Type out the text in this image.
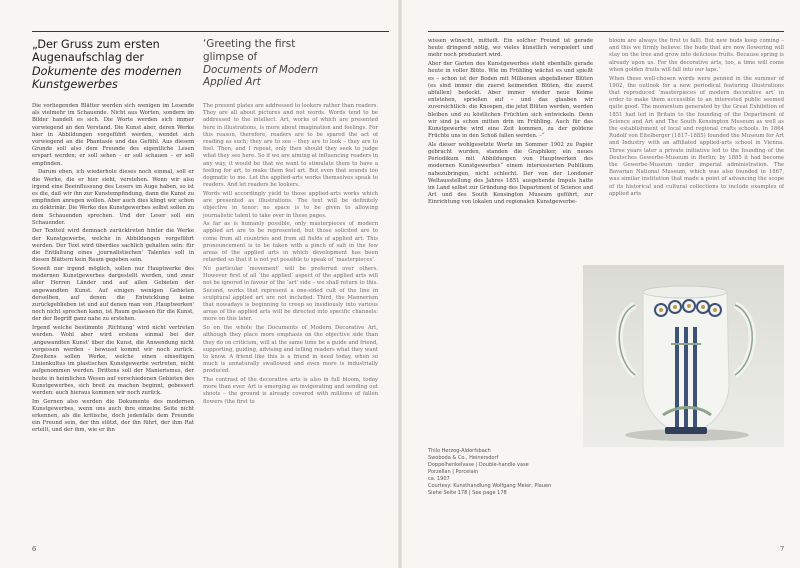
„Der Gruss zum ersten
Augenaufschlag der
Dokumente des modernen
Kunstgewerbes
‘Greeting the first
glimpse of
Documents of Modern
Applied Art

Die vorliegenden Blätter werden sich wenigen im Lesende als vielmehr im Schauende. Nicht aus Worten, sondern im Bilder handelt es sich. Die Worte werden sich immer vorwiegend an den Verstand. Die Kunst aber, deren Werke hier in Abbildungen vorgeführt werden, wendet sich vorwiegend an die Phantasie und das Gefühl. Aus diesem Grunde soll also dem Freunde des eigentliche Lesen erspart werden; er soll sehen – er soll schauen – er soll empfinden.

Darum eben, ich wiederhole dieses noch einmal, soll er die Werke, die er hier sieht, verstehen. Wenn wir also irgend eine Beeinflussung des Lesers im Auge haben, so ist es die, daß wir ihn zur Kunstempfindung, dann die Kunst zu empfinden anregen wollen. Aber auch dies klingt wir schon zu doktrinär. Die Werke des Kunstgewerbes selbst sollen zu dem Schauenden sprechen. Und der Leser soll ein Schauender.

Der Textteil wird demnach zurücktreten hinter die Werke der Kunstgewerbe, welche in Abbildungen vorgeführt werden. Der Text wird überdies sachlich gehalten sein: für die Entfaltung eines ‚journalistischen' Talentes soll in diesen Blättern kein Raum gegeben sein.

Soweit nur irgend möglich, sollen nur Hauptwerke des modernen Kunstgewerbes dargestellt werden, und zwar aller Herren Länder und auf allen Gebieten der angewandten Kunst. Auf einigen wenigen Gebieten derselben, auf denen die Entwicklung keine zurückgeblieben ist und auf denen man von ‚Hauptwerken' noch nicht sprechen kann, ist Raum gelassen für die Kunst, der der Begriff ganz nahe zu erstehen.

Irgend welche bestimmte ‚Richtung' wird nicht vertreten werden. Wohl aber wird erstens einmal bei der ‚angewandten Kunst' über die Kunst, die Anwendung nicht vergessen werden – bewusst kommt wir noch zurück. Zweitens sollen Werke, welche einen einseitigen Linienkultus im plastischen Kunstgewerbe vertreten, nicht aufgenommen werden. Drittens soll der Manierismus, der heute in heimlichen Wesen auf verschiedenen Gebieten des Kunstgewerbes, sich breit zu machen beginnt, gebessert werden: auch hieraus kommen wir noch zurück.

Im Gernen also werden die Dokumente des modernen Kunstgewerbes, wenn uns auch ihre einzelne Seite nicht erkennen, als die kritische, doch jedenfalls dem Freunde ein Freund sein, der ihn stützt, der ihn führt, der ihm Rat erteilt, und der ihm, wie er ihn

The present plates are addressed to lookers rather than readers. They are all about pictures and not words. Words tend to be addressed to the intellect. Art, works of which are presented here in illustrations, is more about imagination and feelings. For this reason, therefore, readers are to be spared the act of reading as such; they are to see – they are to look – they are to feel. Then, and I repeat, only then should they seek to judge what they see here. So if we are aiming at influencing readers in any way, it would be that we want to stimulate them to have a feeling for art, to make them feel art. But even that sounds too dogmatic to me. Let the applied-arts works themselves speak to readers. And let readers be lookers.

Words will accordingly yield to those applied-arts works which are presented as illustrations. The text will be definitely objective in tenor: no space is to be given to allowing journalistic talent to take over in these pages.

As far as is humanly possible, only masterpieces of modern applied art are to be represented, but those solicited are to come from all countries and from all fields of applied art. This pronouncement is to be taken with a pinch of salt in the few areas of the applied arts in which development has been retarded so that it is not yet possible to speak of ‘masterpieces’.

No particular ‘movement’ will be preferred over others. However first of all ‘the applied’ aspect of the applied arts will not be ignored in favour of the ‘art’ side – we shall return to this. Second, works that represent a one-sided cult of the line in sculptural applied art are not included. Third, the Mannerism that nowadays is beginning to creep so insidiously into various areas of the applied arts will be directed into specific channels: more on this later.

So on the whole the Documents of Modern Decorative Art, although they place more emphasis on the objective side than they do on criticism, will at the same time be a guide and friend, supporting, guiding, advising and telling readers what they want to know. A friend like this is a friend in need today, when so much is unnaturally swallowed and even more is industrially produced.

The contrast of the decorative arts is also in full bloom, today more than ever. Art is emerging as invigorating and sending out shoots – the ground is already covered with millions of fallen flowers (the first to

6

wissen wünscht, mitteilt. Ein solcher Freund ist gerade heute dringend nötig, wo vieles künstlich verspielert und mehr noch produziert wird.

Aber der Garten des Kunstgewerbes steht ebenfalls gerade heute in voller Blüte. Wie im Frühling wächst es und spießt es – schon ist der Boden mit Millionen abgefallener Blüten (es sind immer die zuerst keimenden Blüten, die zuerst abfallen) bedeckt. Aber immer wieder neue Keime entstehen, sprießen auf – und das glauben wir zuversichtlich: die Knospen, die jetzt Blüten werden, werden bleiben und zu köstlichen Früchten sich entwickeln. Denn wir sind ja schon mitten drin im Frühling. Auch für das Kunstgewerbe wird eine Zeit kommen, zu der goldene Früchte uns in den Schoß fallen werden. –“

Als dieser wohlgesetzte Worte im Sommer 1902 zu Papier gebracht wurden, standen die Graphiker, ein neues Periodikum mit Abbildungen von Hauptwerken des modernen Kunstgewerbes“ einem interessierten Publikum nahezubringen, nicht schlecht. Der von der Londoner Weltausstellung des Jahres 1851 ausgehende Impuls hatte im Land selbst zur Gründung des Department of Science and Art und des South Kensington Museum geführt, zur Einrichtung von lokalen und regionalen Kunstgewerbe-

bloom are always the first to fall). But new buds keep coming – and this we firmly believe: the buds that are now flowering will stay on the tree and grow into delicious fruits. Because spring is already upon us. For the decorative arts, too, a time will come when golden fruits will fall into our laps.’

When these well-chosen words were penned in the summer of 1902, the outlook for a new periodical featuring illustrations that reproduced ‘masterpieces of modern decorative art’ in order to make them accessible to an interested public seemed quite good. The momentum generated by the Great Exhibition of 1851 had led in Britain to the founding of the Department of Science and Art and The South Kensington Museum as well as the establishment of local and regional crafts schools. In 1864 Rudolf von Eitelberger (1817–1885) founded the Museum for Art and Industry with an affiliated applied-arts school in Vienna. Three years later a private initiative led to the founding of the Deutsches Gewerbe-Museum in Berlin; by 1885 it had become the Gewerbe-Museum under imperial administration. The Bavarian National Museum, which was also founded in 1867, was similar institution that made a point of advancing the scope of its historical and cultural collections to include examples of applied arts

Thilo Herzog-Aldorfsbach
Swoboda & Co., Heinersdorf
Doppelhenkelvase | Double-handle vase
Porzellan | Porcelain
ca. 1907
Courtesy: Kunsthandlung Wolfgang Meier, Plauen
Siehe Seite 178 | See page 178
7
